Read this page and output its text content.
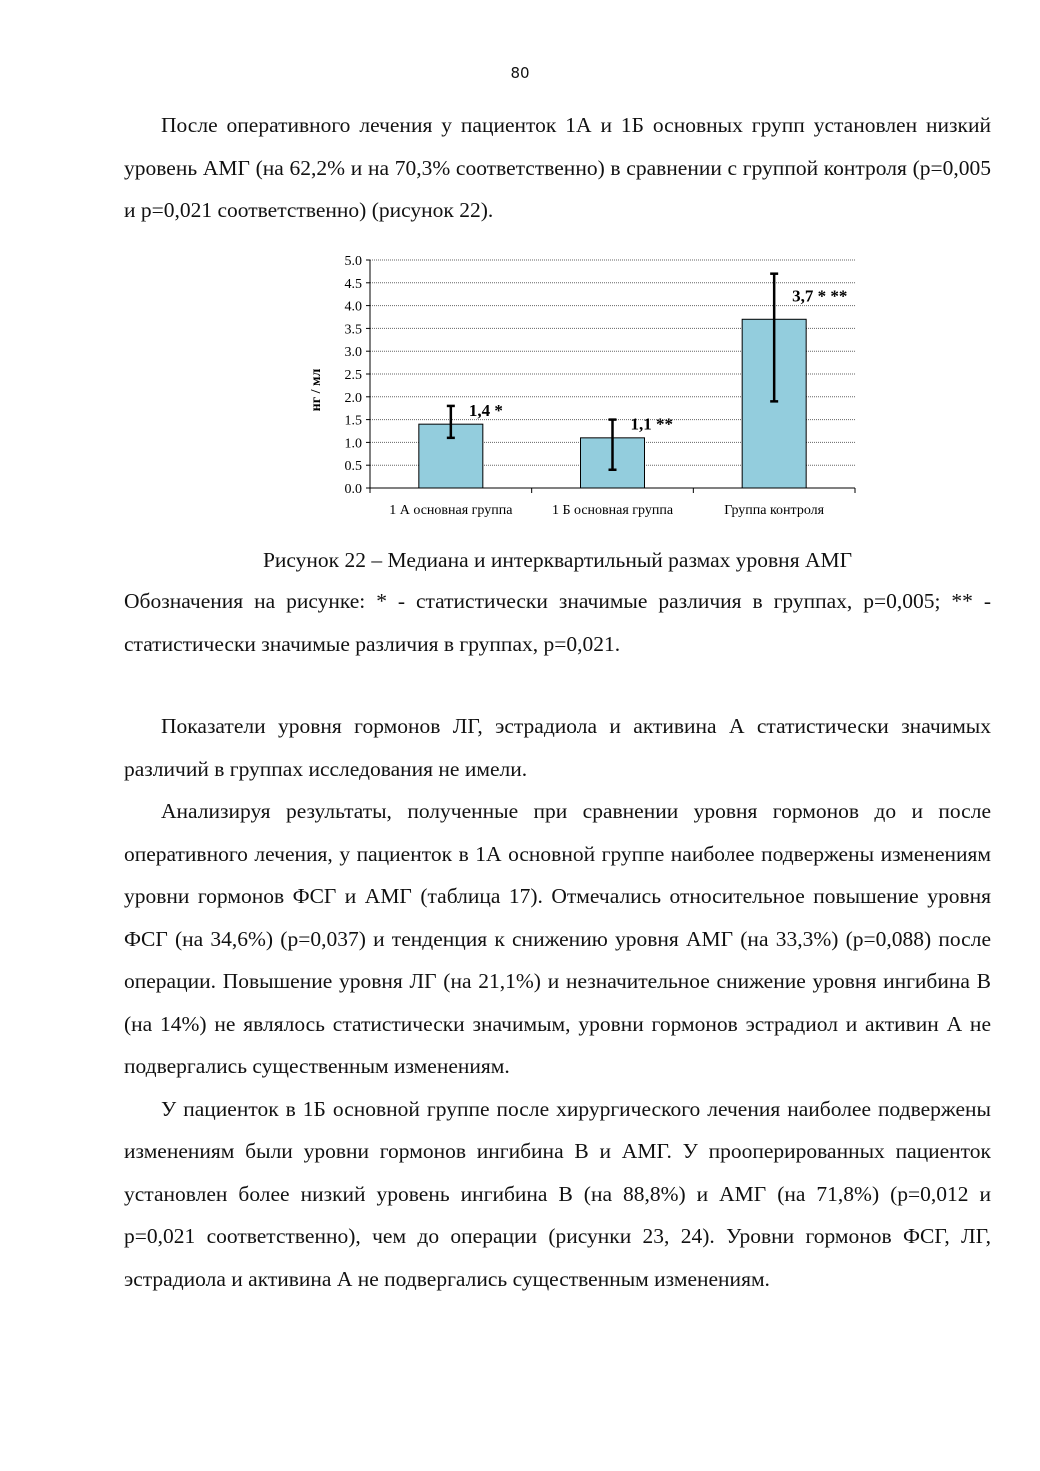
80

После оперативного лечения у пациенток 1А и 1Б основных групп установлен низкий уровень АМГ (на 62,2% и на 70,3% соответственно) в сравнении с группой контроля (p=0,005 и p=0,021 соответственно) (рисунок 22).

0.0
0.5
1.0
1.5
2.0
2.5
3.0
3.5
4.0
4.5
5.0
1,4 *
1,1 **
3,7 * **
1 А основная группа	1 Б основная группа	Группа контроля
нг / мл
Рисунок 22 – Медиана и интерквартильный размах уровня АМГ

Обозначения на рисунке: * - статистически значимые различия в группах, p=0,005; ** - статистически значимые различия в группах, p=0,021.

Показатели уровня гормонов ЛГ, эстрадиола и активина А статистически значимых различий в группах исследования не имели.

Анализируя результаты, полученные при сравнении уровня гормонов до и после оперативного лечения, у пациенток в 1А основной группе наиболее подвержены изменениям уровни гормонов ФСГ и АМГ (таблица 17). Отмечались относительное повышение уровня ФСГ (на 34,6%) (p=0,037) и тенденция к снижению уровня АМГ (на 33,3%) (p=0,088) после операции. Повышение уровня ЛГ (на 21,1%) и незначительное снижение уровня ингибина В (на 14%) не являлось статистически значимым, уровни гормонов эстрадиол и активин А не подвергались существенным изменениям.

У пациенток в 1Б основной группе после хирургического лечения наиболее подвержены изменениям были уровни гормонов ингибина В и АМГ. У прооперированных пациенток установлен более низкий уровень ингибина В (на 88,8%) и АМГ (на 71,8%) (p=0,012 и p=0,021 соответственно), чем до операции (рисунки 23, 24). Уровни гормонов ФСГ, ЛГ, эстрадиола и активина А не подвергались существенным изменениям.
